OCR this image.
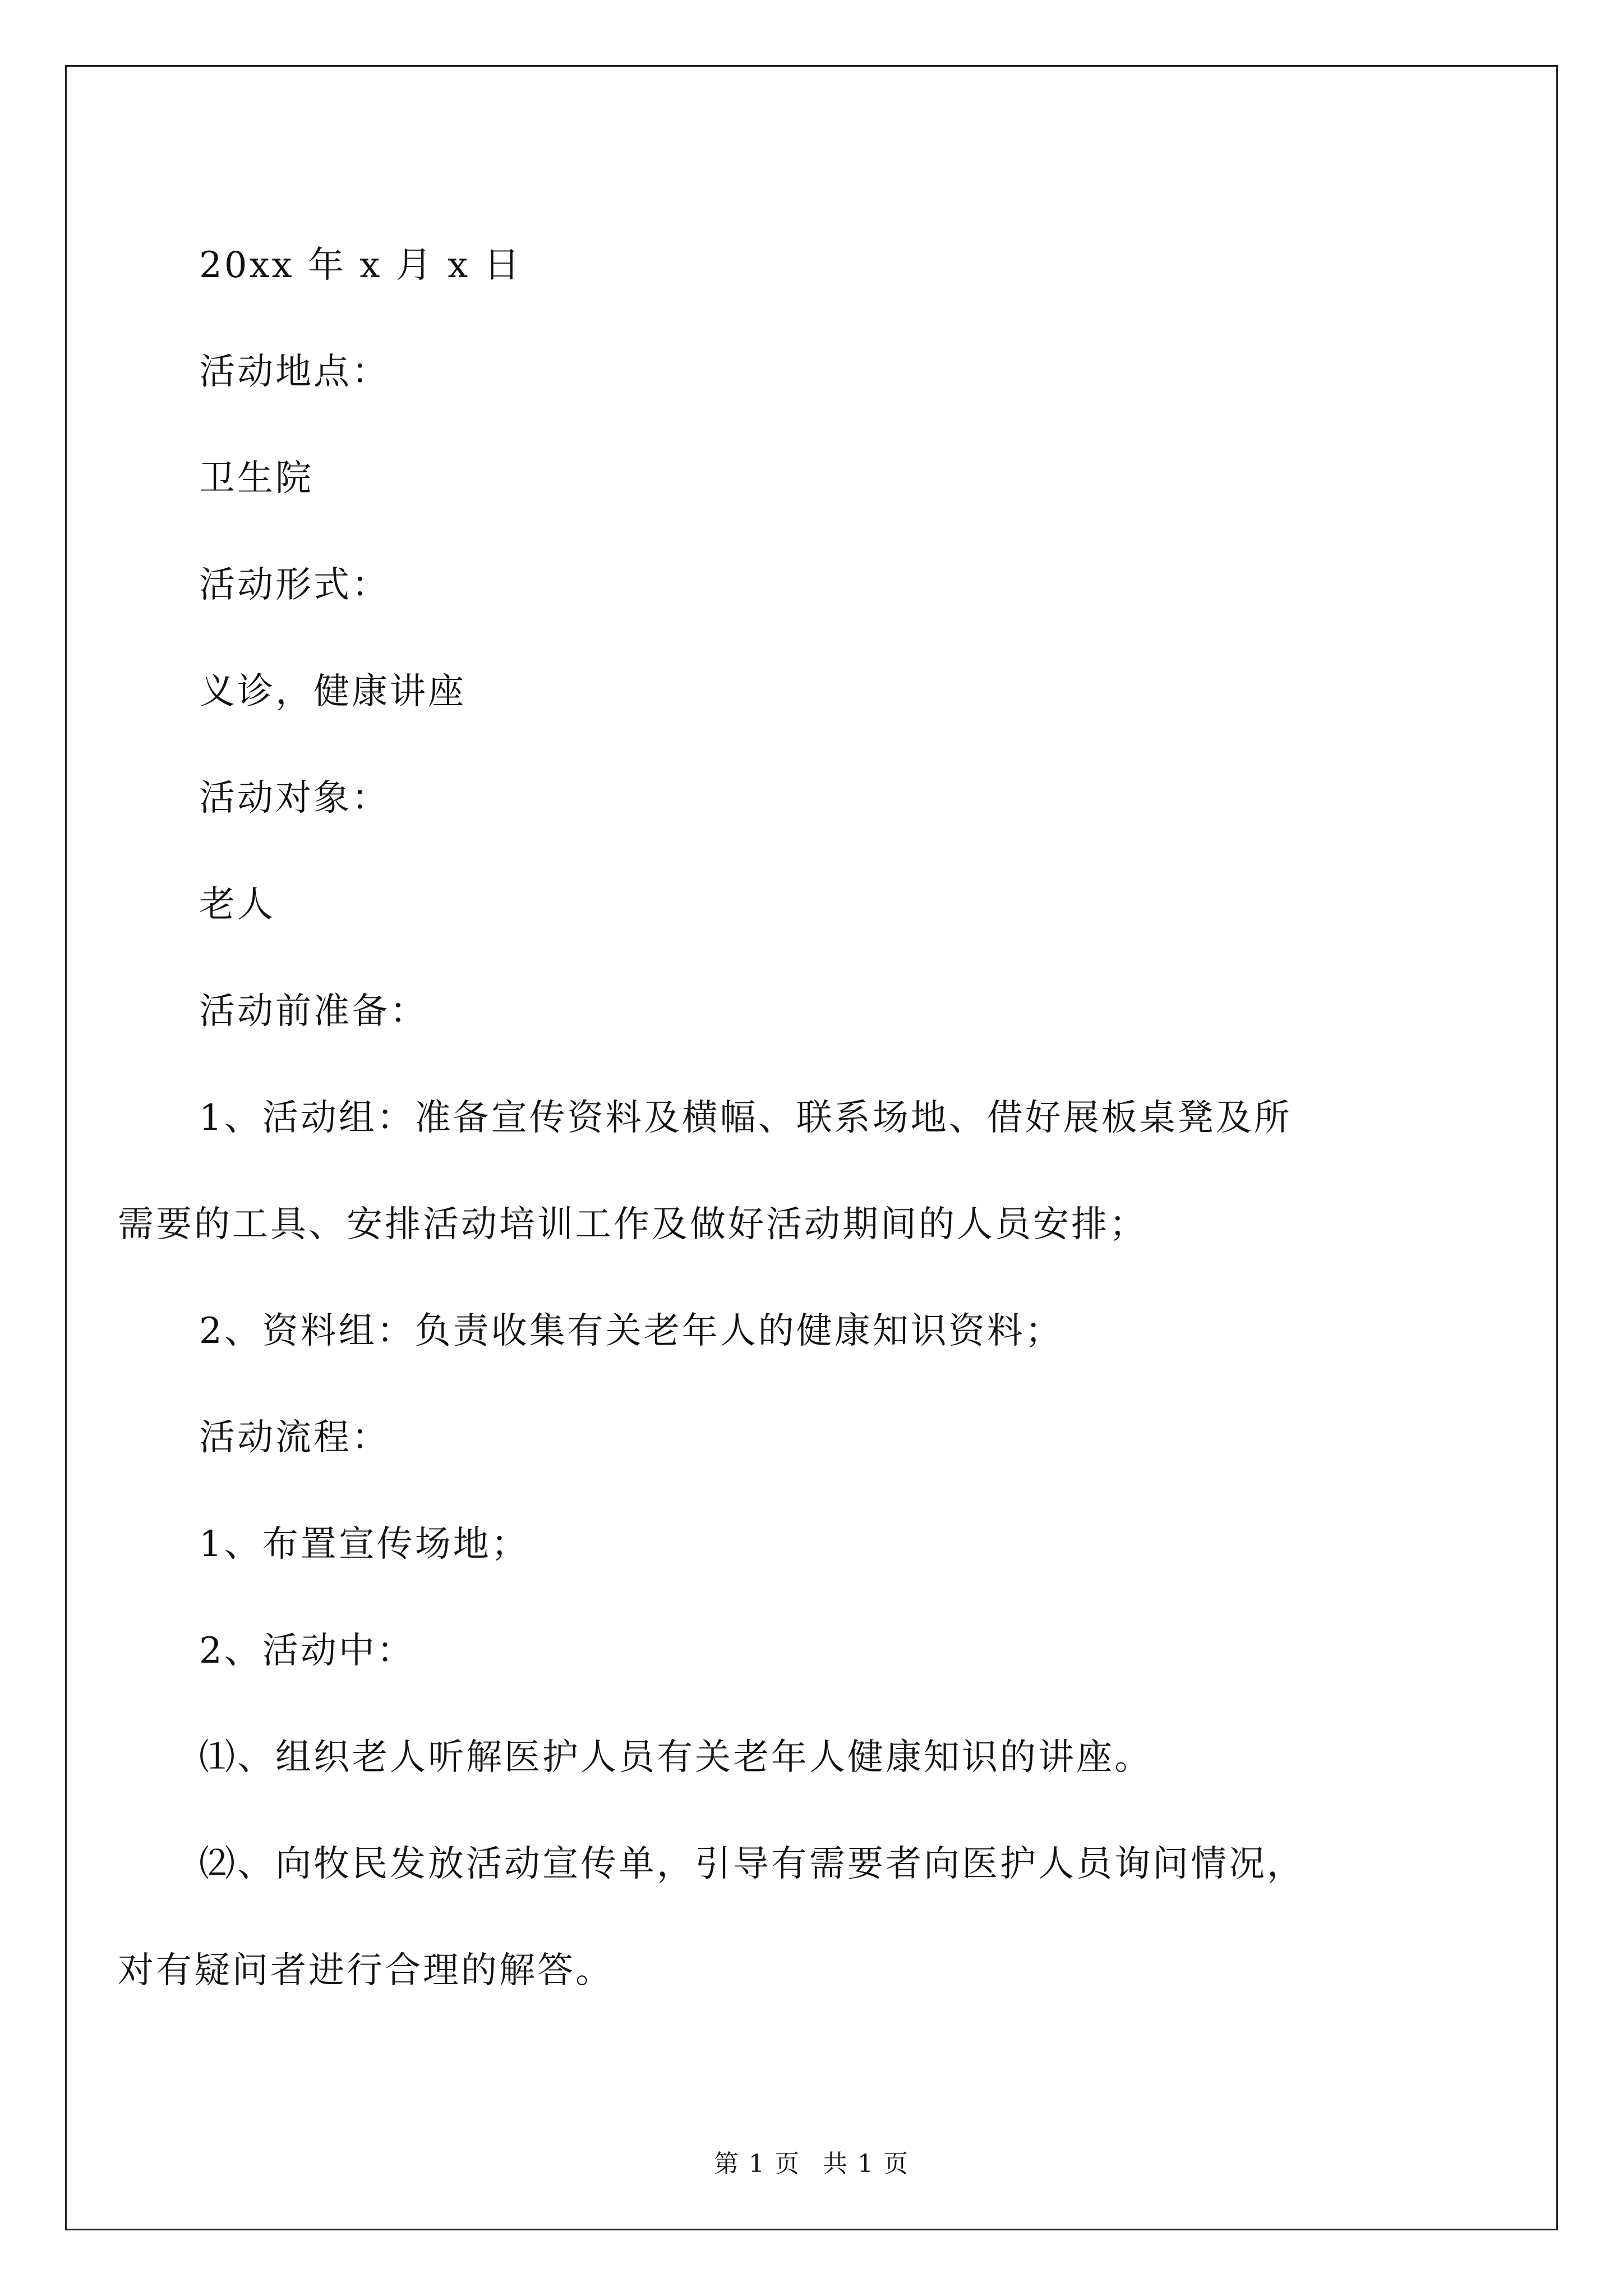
20xx 年 x 月 x 日

活动地点：

卫生院

活动形式：

义诊，健康讲座

活动对象：

老人

活动前准备：

1、活动组：准备宣传资料及横幅、联系场地、借好展板桌凳及所

需要的工具、安排活动培训工作及做好活动期间的人员安排；

2、资料组：负责收集有关老年人的健康知识资料；

活动流程：

1、布置宣传场地；

2、活动中：

⑴、组织老人听解医护人员有关老年人健康知识的讲座。

⑵、向牧民发放活动宣传单，引导有需要者向医护人员询问情况，

对有疑问者进行合理的解答。

第 1 页 共 1 页
